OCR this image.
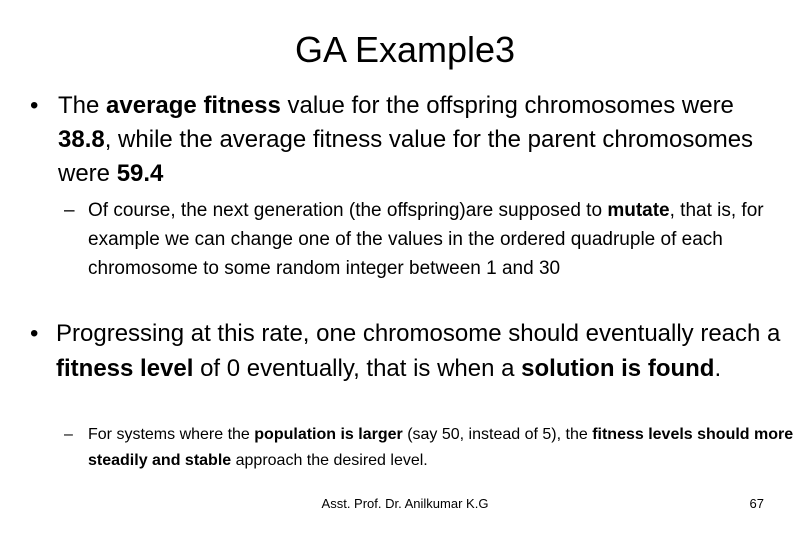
GA Example3
• The average fitness value for the offspring chromosomes were 38.8, while the average fitness value for the parent chromosomes were 59.4
– Of course, the next generation (the offspring)are supposed to mutate, that is, for example we can change one of the values in the ordered quadruple of each chromosome to some random integer between 1 and 30
• Progressing at this rate, one chromosome should eventually reach a fitness level of 0 eventually, that is when a solution is found.
– For systems where the population is larger (say 50, instead of 5), the fitness levels should more steadily and stable approach the desired level.
Asst. Prof. Dr. Anilkumar K.G	67
